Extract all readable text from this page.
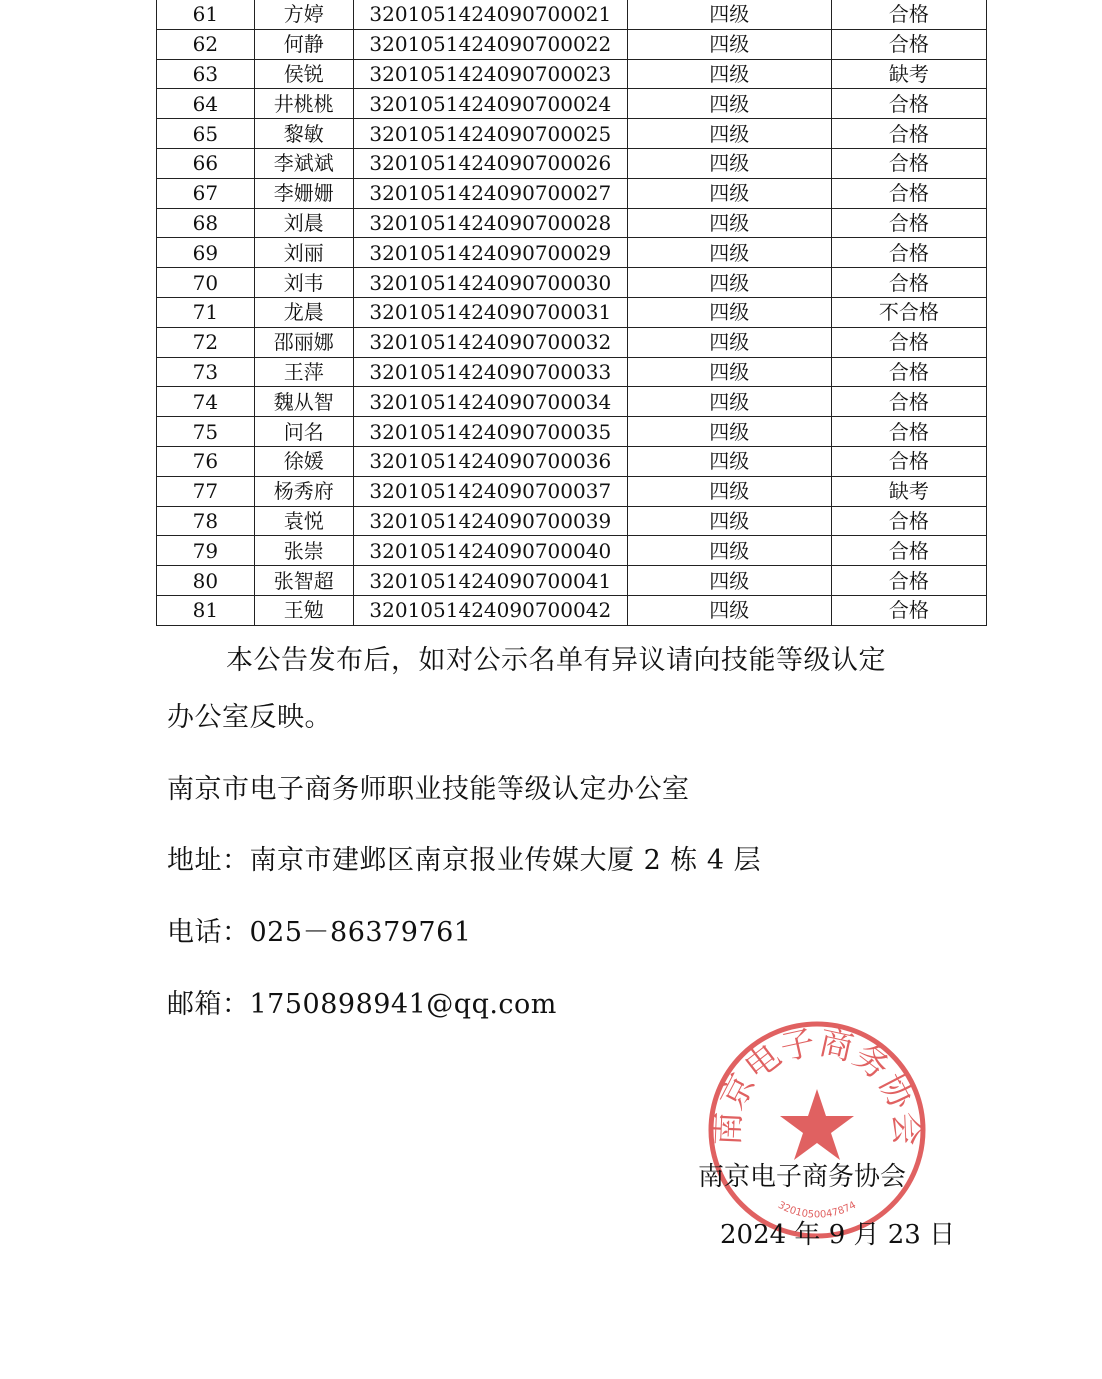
61	方婷	3201051424090700021	四级	合格
62	何静	3201051424090700022	四级	合格
63	侯锐	3201051424090700023	四级	缺考
64	井桃桃	3201051424090700024	四级	合格
65	黎敏	3201051424090700025	四级	合格
66	李斌斌	3201051424090700026	四级	合格
67	李姗姗	3201051424090700027	四级	合格
68	刘晨	3201051424090700028	四级	合格
69	刘丽	3201051424090700029	四级	合格
70	刘韦	3201051424090700030	四级	合格
71	龙晨	3201051424090700031	四级	不合格
72	邵丽娜	3201051424090700032	四级	合格
73	王萍	3201051424090700033	四级	合格
74	魏从智	3201051424090700034	四级	合格
75	问名	3201051424090700035	四级	合格
76	徐媛	3201051424090700036	四级	合格
77	杨秀府	3201051424090700037	四级	缺考
78	袁悦	3201051424090700039	四级	合格
79	张崇	3201051424090700040	四级	合格
80	张智超	3201051424090700041	四级	合格
81	王勉	3201051424090700042	四级	合格
本公告发布后，如对公示名单有异议请向技能等级认定
办公室反映。
南京市电子商务师职业技能等级认定办公室
地址：南京市建邺区南京报业传媒大厦 2 栋 4 层
电话：025－86379761
邮箱：1750898941@qq.com
南京电子商务协会
3201050047874
南京电子商务协会
2024 年 9 月 23 日
